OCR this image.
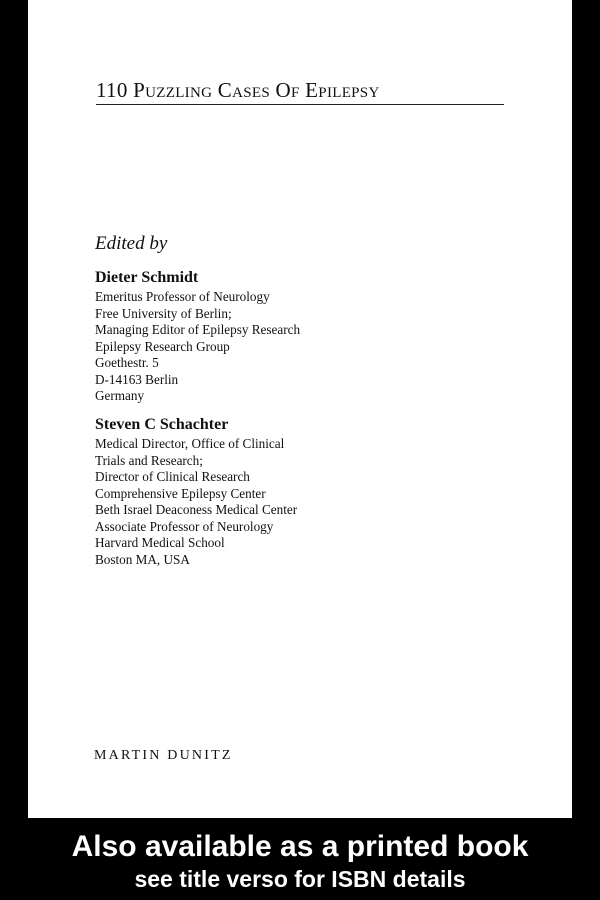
110 Puzzling Cases Of Epilepsy
Edited by
Dieter Schmidt
Emeritus Professor of Neurology
Free University of Berlin;
Managing Editor of Epilepsy Research
Epilepsy Research Group
Goethestr. 5
D-14163 Berlin
Germany
Steven C Schachter
Medical Director, Office of Clinical
Trials and Research;
Director of Clinical Research
Comprehensive Epilepsy Center
Beth Israel Deaconess Medical Center
Associate Professor of Neurology
Harvard Medical School
Boston MA, USA
MARTIN DUNITZ
Also available as a printed book
see title verso for ISBN details
